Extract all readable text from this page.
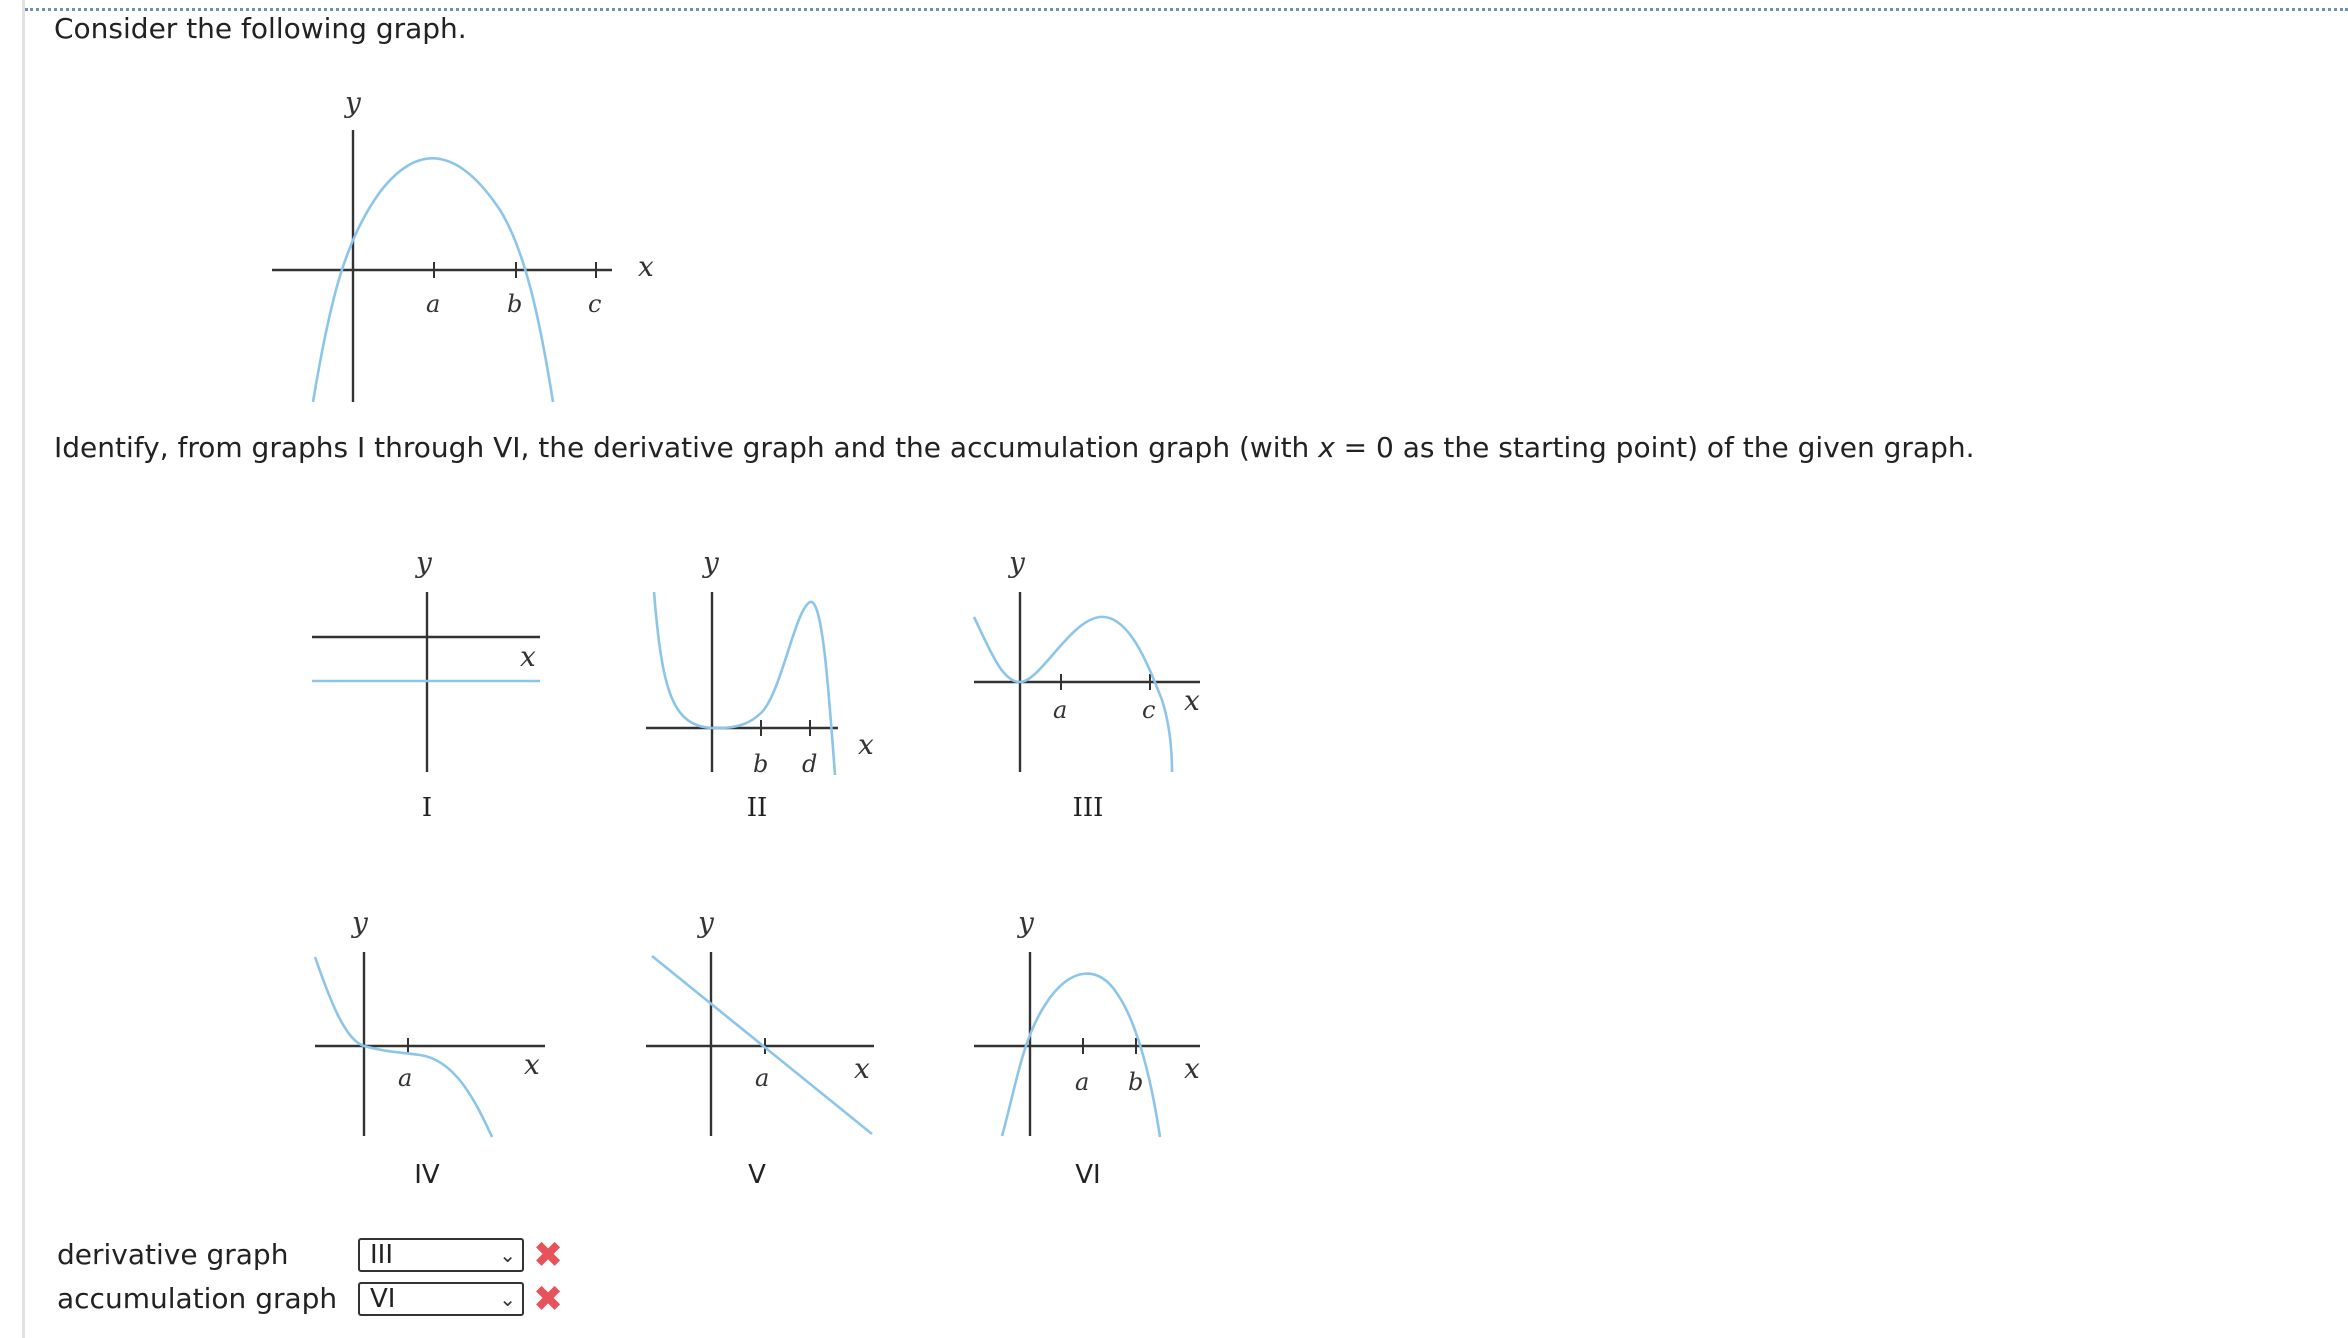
Consider the following graph.
y
x
a	b	c
Identify, from graphs I through VI, the derivative graph and the accumulation graph (with x = 0 as the starting point) of the given graph.
y
x
I
y
x
b d
II
y
x
a	c
III
y
x
a
IV
y
x
a
V
y
x
a b
VI
derivative graph	III	⌄ ✖
accumulation graph	VI	⌄ ✖
